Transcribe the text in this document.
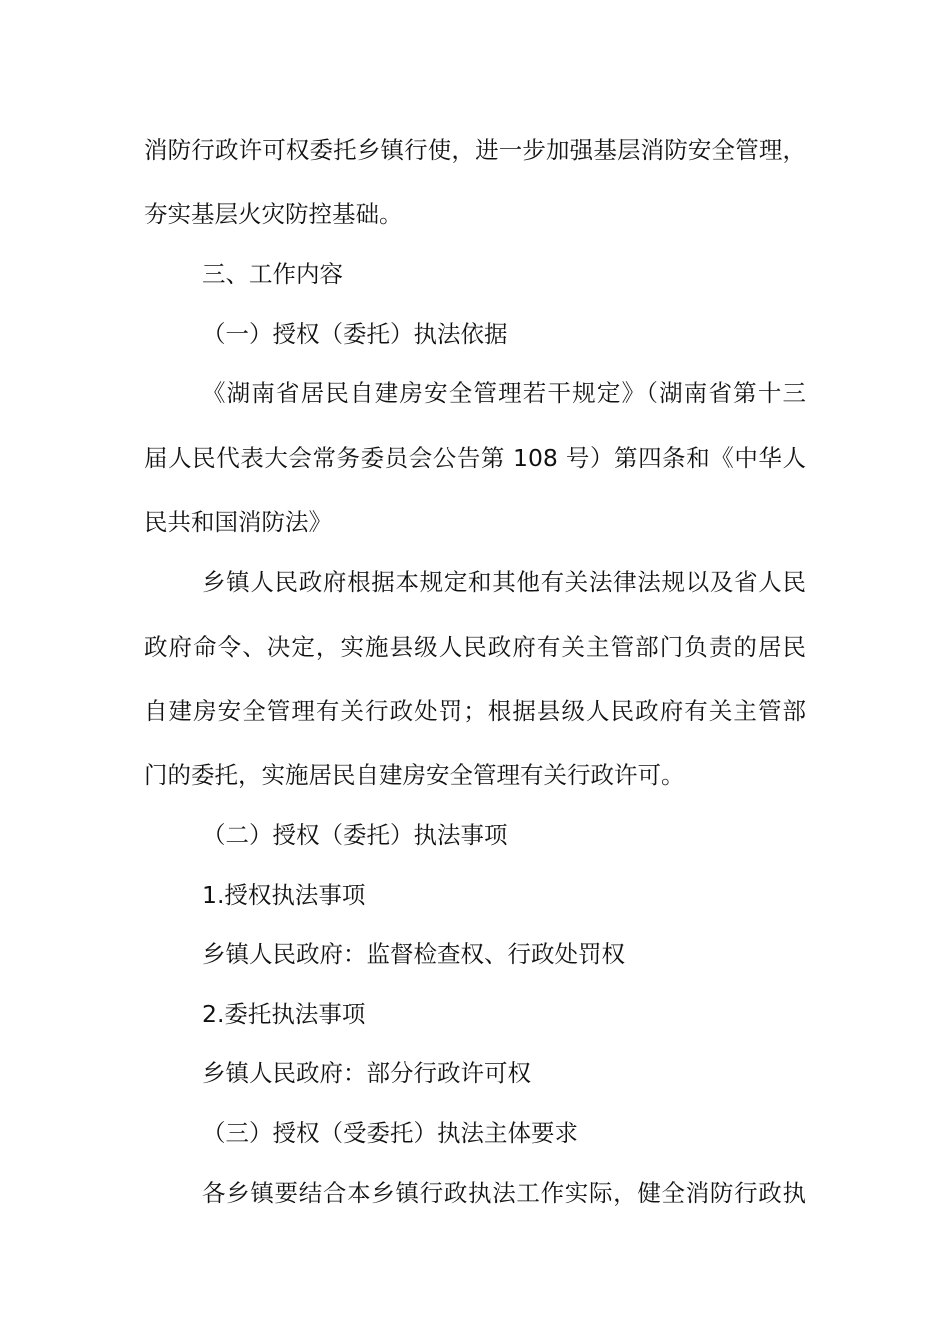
消防行政许可权委托乡镇行使，进一步加强基层消防安全管理，
夯实基层火灾防控基础。
三、工作内容
（一）授权（委托）执法依据
《湖南省居民自建房安全管理若干规定》（湖南省第十三
届人民代表大会常务委员会公告第 108 号）第四条和《中华人
民共和国消防法》
乡镇人民政府根据本规定和其他有关法律法规以及省人民
政府命令、决定，实施县级人民政府有关主管部门负责的居民
自建房安全管理有关行政处罚；根据县级人民政府有关主管部
门的委托，实施居民自建房安全管理有关行政许可。
（二）授权（委托）执法事项
1.授权执法事项
乡镇人民政府：监督检查权、行政处罚权
2.委托执法事项
乡镇人民政府：部分行政许可权
（三）授权（受委托）执法主体要求
各乡镇要结合本乡镇行政执法工作实际，健全消防行政执
